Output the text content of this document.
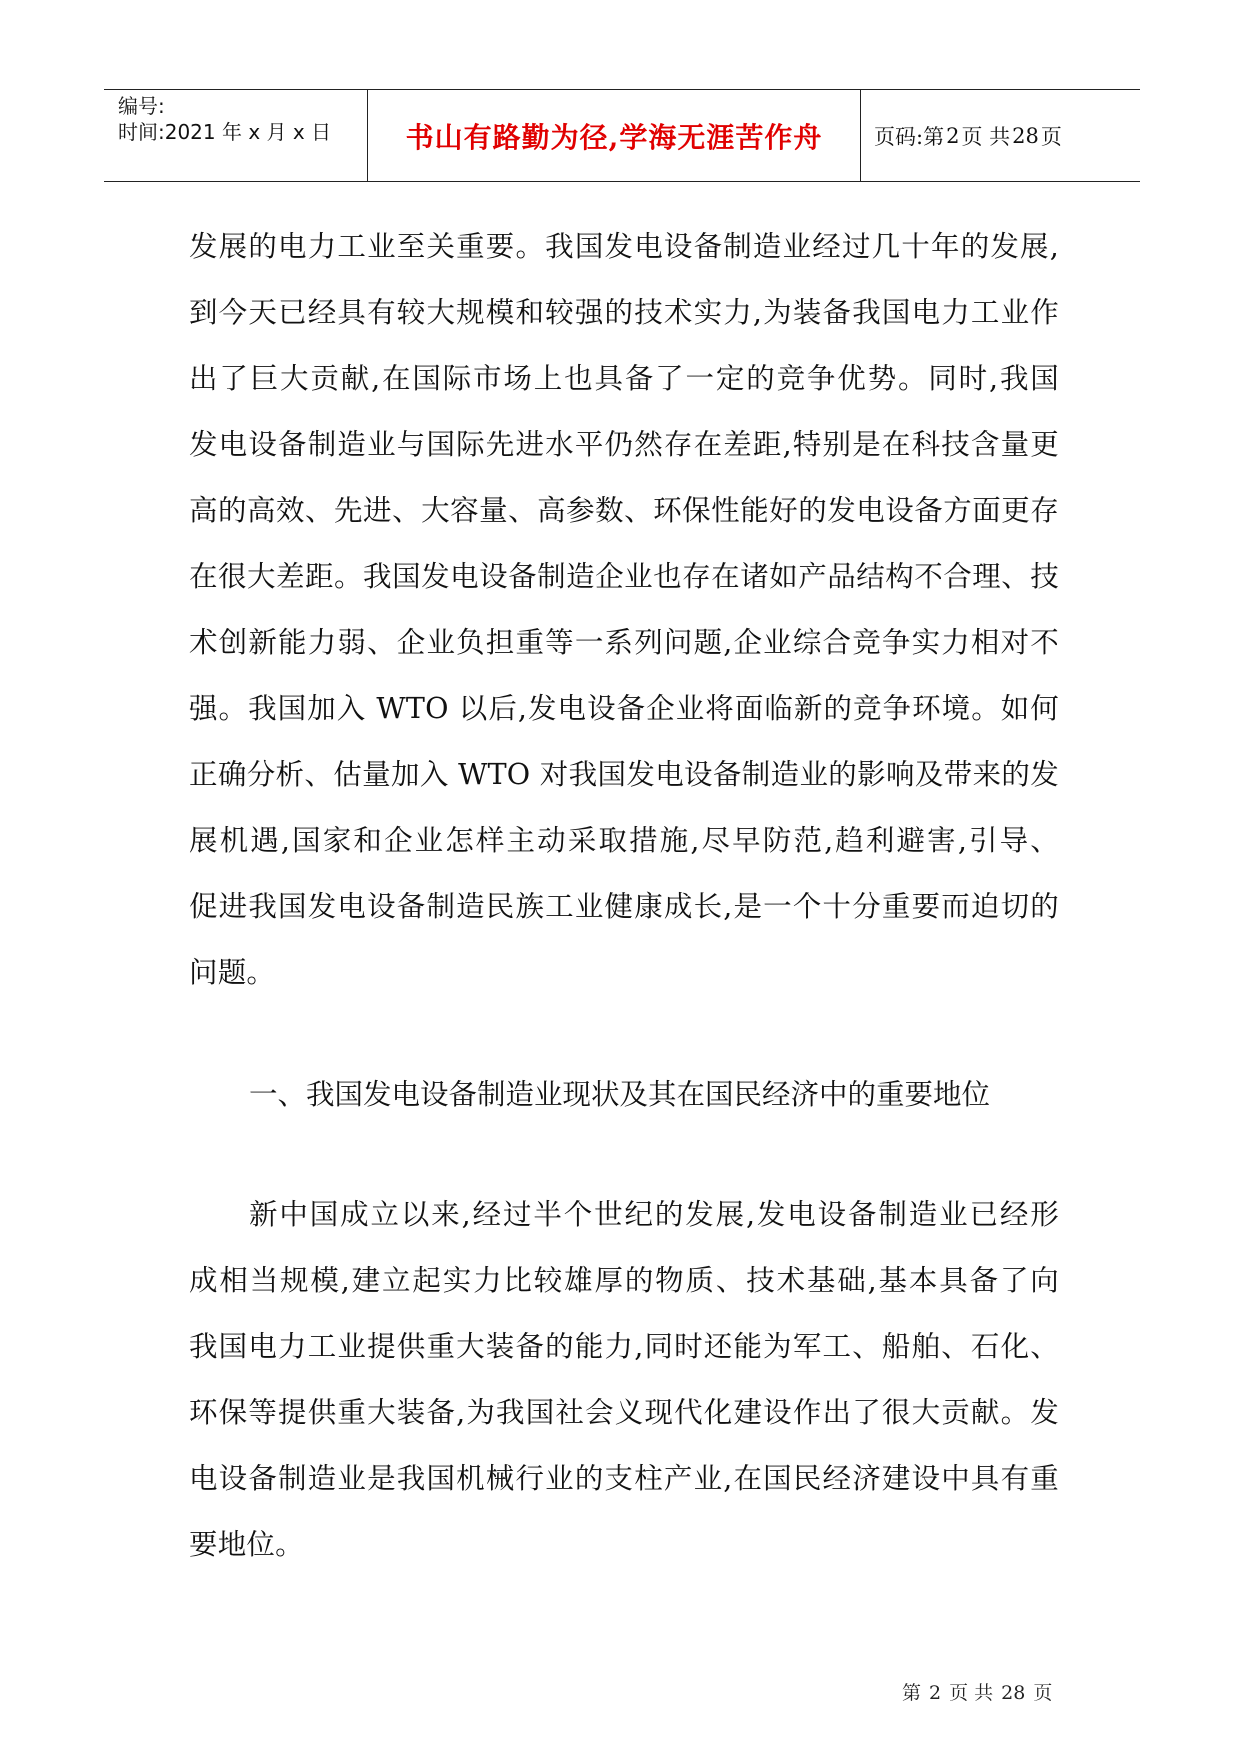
编号:
时间:2021 年 x 月 x 日	书山有路勤为径,学海无涯苦作舟 页码:第 2 页 共 28 页
发展的电力工业至关重要。我国发电设备制造业经过几十年的发展,
到今天已经具有较大规模和较强的技术实力,为装备我国电力工业作
出了巨大贡献,在国际市场上也具备了一定的竞争优势。同时,我国
发电设备制造业与国际先进水平仍然存在差距,特别是在科技含量更
高的高效、先进、大容量、高参数、环保性能好的发电设备方面更存
在很大差距。我国发电设备制造企业也存在诸如产品结构不合理、技
术创新能力弱、企业负担重等一系列问题,企业综合竞争实力相对不
强。我国加入 WTO 以后,发电设备企业将面临新的竞争环境。如何
正确分析、估量加入 WTO 对我国发电设备制造业的影响及带来的发
展机遇,国家和企业怎样主动采取措施,尽早防范,趋利避害,引导、
促进我国发电设备制造民族工业健康成长,是一个十分重要而迫切的
问题。
一、我国发电设备制造业现状及其在国民经济中的重要地位
新中国成立以来,经过半个世纪的发展,发电设备制造业已经形
成相当规模,建立起实力比较雄厚的物质、技术基础,基本具备了向
我国电力工业提供重大装备的能力,同时还能为军工、船舶、石化、
环保等提供重大装备,为我国社会义现代化建设作出了很大贡献。发
电设备制造业是我国机械行业的支柱产业,在国民经济建设中具有重
要地位。
第 2 页 共 28 页
